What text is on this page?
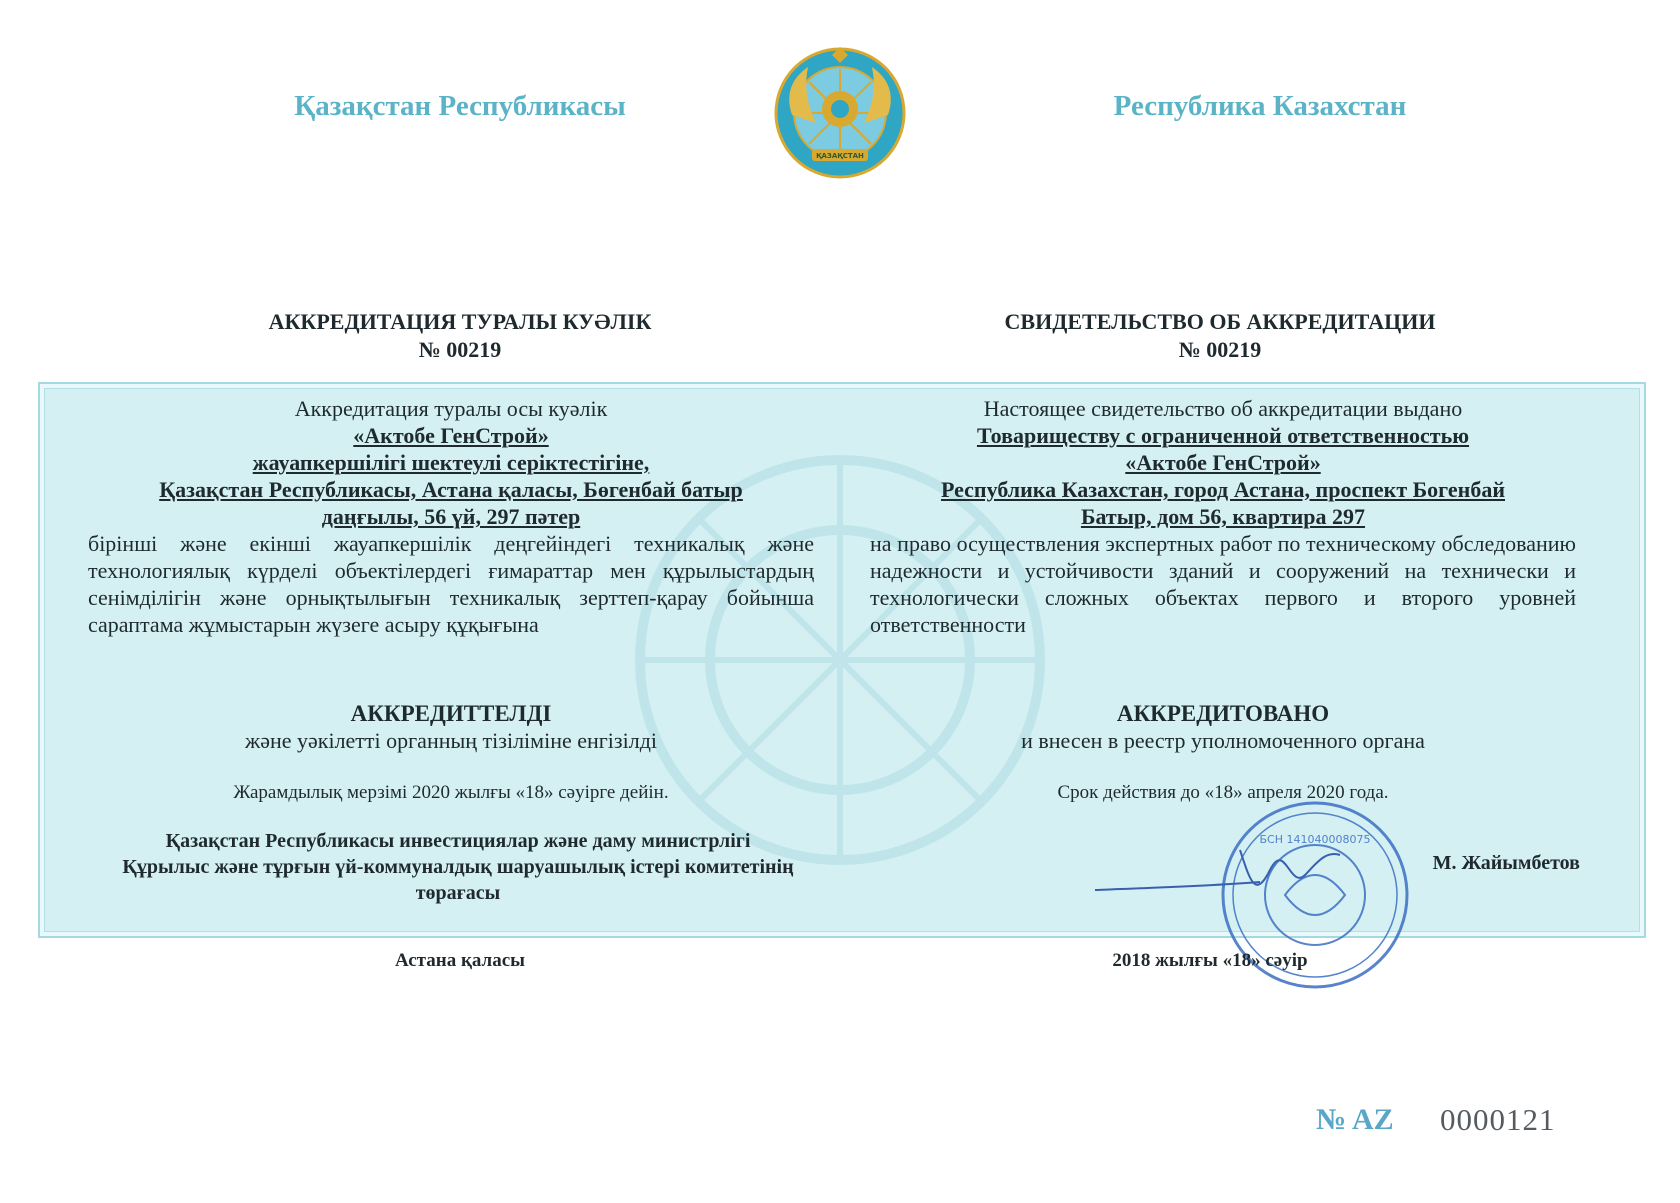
Қазақстан Республикасы	Республика Казахстан
ҚАЗАҚСТАН
АККРЕДИТАЦИЯ ТУРАЛЫ КУӘЛІК
№ 00219
СВИДЕТЕЛЬСТВО ОБ АККРЕДИТАЦИИ
№ 00219
Аккредитация туралы осы куәлік
«Актобе ГенСтрой»
жауапкершілігі шектеулі серіктестігіне,
Қазақстан Республикасы, Астана қаласы, Бөгенбай батыр
даңғылы, 56 үй, 297 пәтер
бірінші және екінші жауапкершілік деңгейіндегі техникалық және технологиялық күрделі объектілердегі ғимараттар мен құрылыстардың сенімділігін және орнықтылығын техникалық зерттеп-қарау бойынша сараптама жұмыстарын жүзеге асыру құқығына
Настоящее свидетельство об аккредитации выдано
Товариществу с ограниченной ответственностью
«Актобе ГенСтрой»
Республика Казахстан, город Астана, проспект Богенбай
Батыр, дом 56, квартира 297
на право осуществления экспертных работ по техническому обследованию надежности и устойчивости зданий и сооружений на технически и технологически сложных объектах первого и второго уровней ответственности
АККРЕДИТТЕЛДІ
және уәкілетті органның тізіліміне енгізілді
АККРЕДИТОВАНО
и внесен в реестр уполномоченного органа
Жарамдылық мерзімі 2020 жылғы «18» сәуірге дейін.	Срок действия до «18» апреля 2020 года.
Қазақстан Республикасы инвестициялар және даму министрлігі
Құрылыс және тұрғын үй-коммуналдық шаруашылық істері комитетінің
төрағасы
БСН 141040008075
М. Жайымбетов
Астана қаласы	2018 жылғы «18» сәуір
№ AZ 0000121
